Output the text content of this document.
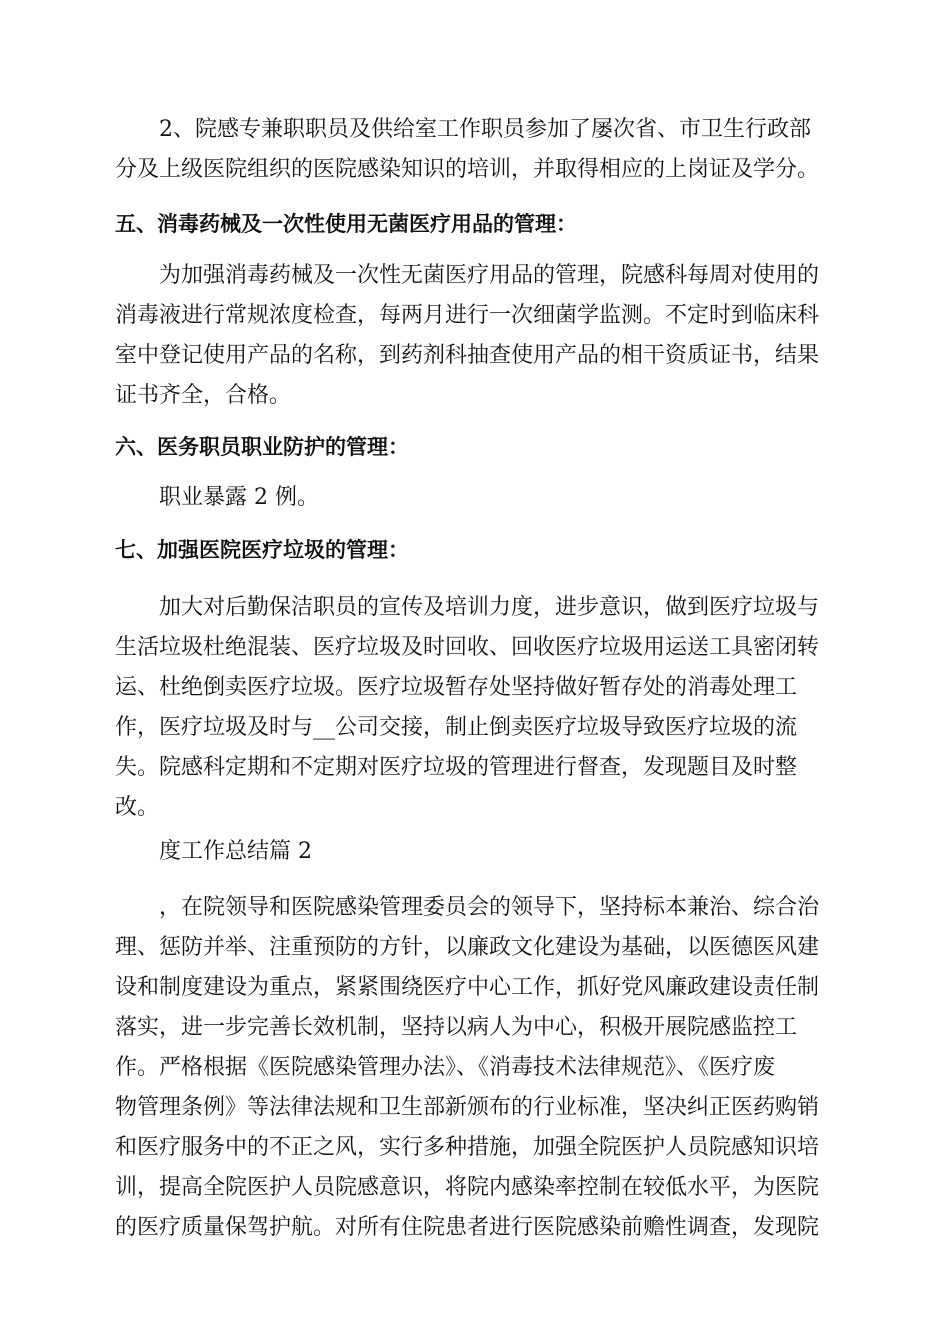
2、院感专兼职职员及供给室工作职员参加了屡次省、市卫生行政部
分及上级医院组织的医院感染知识的培训，并取得相应的上岗证及学分。
五、消毒药械及一次性使用无菌医疗用品的管理：
为加强消毒药械及一次性无菌医疗用品的管理，院感科每周对使用的
消毒液进行常规浓度检查，每两月进行一次细菌学监测。不定时到临床科
室中登记使用产品的名称，到药剂科抽查使用产品的相干资质证书，结果
证书齐全，合格。
六、医务职员职业防护的管理：
职业暴露 2 例。
七、加强医院医疗垃圾的管理：
加大对后勤保洁职员的宣传及培训力度，进步意识，做到医疗垃圾与
生活垃圾杜绝混装、医疗垃圾及时回收、回收医疗垃圾用运送工具密闭转
运、杜绝倒卖医疗垃圾。医疗垃圾暂存处坚持做好暂存处的消毒处理工
作，医疗垃圾及时与__公司交接，制止倒卖医疗垃圾导致医疗垃圾的流
失。院感科定期和不定期对医疗垃圾的管理进行督查，发现题目及时整
改。
度工作总结篇 2
，在院领导和医院感染管理委员会的领导下，坚持标本兼治、综合治
理、惩防并举、注重预防的方针，以廉政文化建设为基础，以医德医风建
设和制度建设为重点，紧紧围绕医疗中心工作，抓好党风廉政建设责任制
落实，进一步完善长效机制，坚持以病人为中心，积极开展院感监控工
作。严格根据《医院感染管理办法》、《消毒技术法律规范》、《医疗废
物管理条例》等法律法规和卫生部新颁布的行业标准，坚决纠正医药购销
和医疗服务中的不正之风，实行多种措施，加强全院医护人员院感知识培
训，提高全院医护人员院感意识，将院内感染率控制在较低水平，为医院
的医疗质量保驾护航。对所有住院患者进行医院感染前赡性调查，发现院
